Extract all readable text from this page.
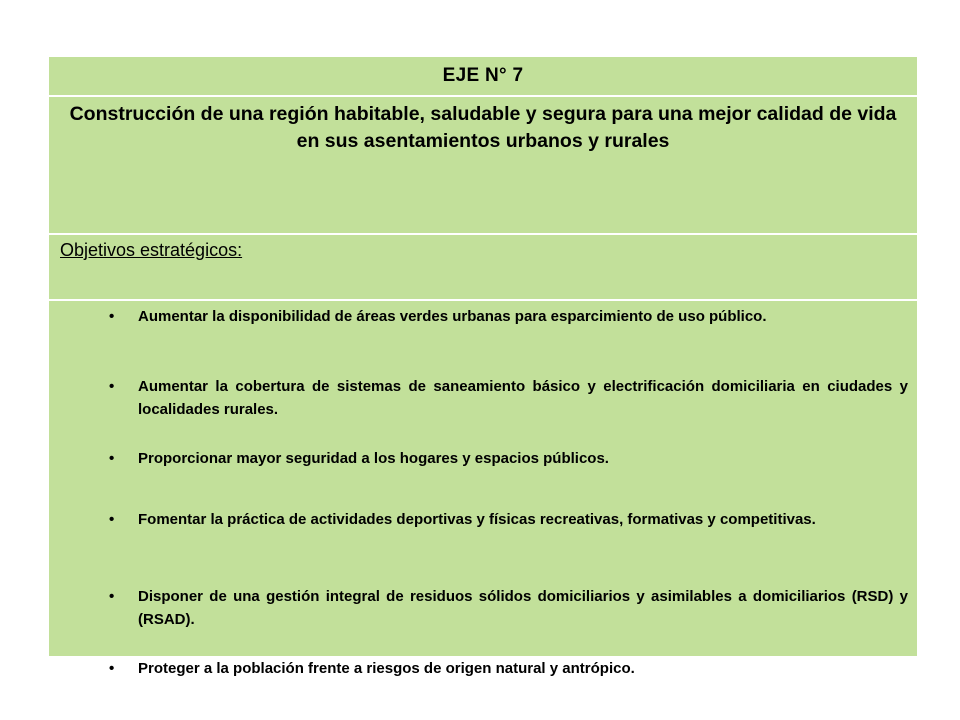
EJE N° 7
Construcción de una región habitable, saludable y segura para una mejor calidad de vida en sus asentamientos urbanos y rurales
Objetivos estratégicos:
• Aumentar la disponibilidad de áreas verdes urbanas para esparcimiento de uso público.
• Aumentar la cobertura de sistemas de saneamiento básico y electrificación domiciliaria en ciudades y localidades rurales.
• Proporcionar mayor seguridad a los hogares y espacios públicos.
• Fomentar la práctica de actividades deportivas y físicas recreativas, formativas y competitivas.
• Disponer de una gestión integral de residuos sólidos domiciliarios y asimilables a domiciliarios (RSD) y (RSAD).
• Proteger a la población frente a riesgos de origen natural y antrópico.
